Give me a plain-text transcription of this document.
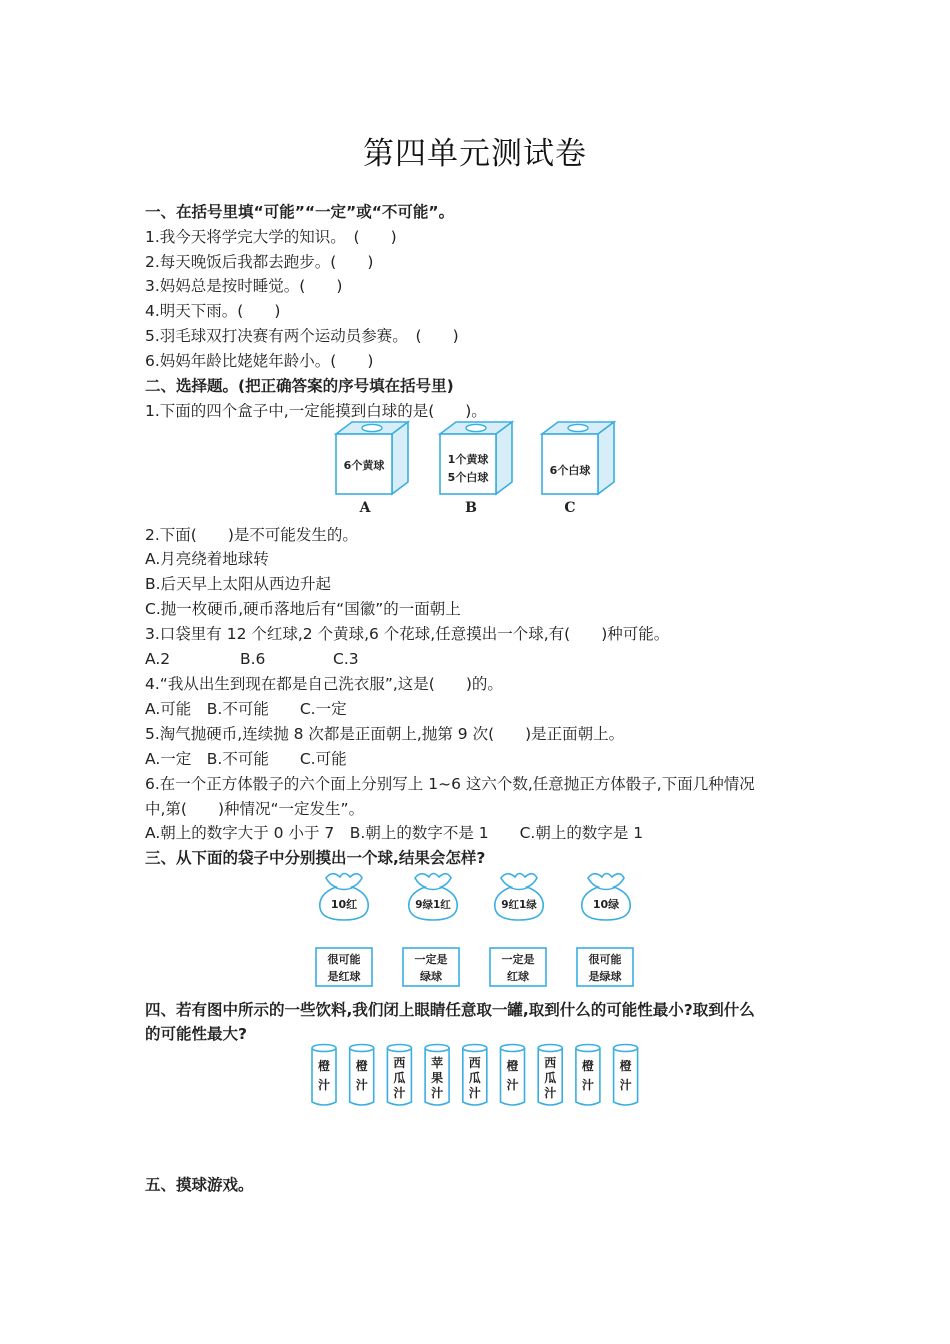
第四单元测试卷
一、在括号里填“可能”“一定”或“不可能”。
1.我今天将学完大学的知识。　(　　)
2.每天晚饭后我都去跑步。(　　)
3.妈妈总是按时睡觉。(　　)
4.明天下雨。(　　)
5.羽毛球双打决赛有两个运动员参赛。　(　　)
6.妈妈年龄比姥姥年龄小。(　　)
二、选择题。(把正确答案的序号填在括号里)
1.下面的四个盒子中,一定能摸到白球的是(　　)。
6个黄球	1个黄球
5个白球
6个白球
A	B	C
2.下面(　　)是不可能发生的。
A.月亮绕着地球转
B.后天早上太阳从西边升起
C.抛一枚硬币,硬币落地后有“国徽”的一面朝上
3.口袋里有 12 个红球,2 个黄球,6 个花球,任意摸出一个球,有(　　)种可能。
A.2	B.6	C.3
4.“我从出生到现在都是自己洗衣服”,这是(　　)的。
A.可能　B.不可能　　C.一定
5.淘气抛硬币,连续抛 8 次都是正面朝上,抛第 9 次(　　)是正面朝上。
A.一定　B.不可能　　C.可能
6.在一个正方体骰子的六个面上分别写上 1~6 这六个数,任意抛正方体骰子,下面几种情况
中,第(　　)种情况“一定发生”。
A.朝上的数字大于 0 小于 7　B.朝上的数字不是 1　　C.朝上的数字是 1
三、从下面的袋子中分别摸出一个球,结果会怎样?
10红	9绿1红	9红1绿	10绿
很可能
是红球
一定是
绿球
一定是
红球
很可能
是绿球
四、若有图中所示的一些饮料,我们闭上眼睛任意取一罐,取到什么的可能性最小?取到什么
的可能性最大?
橙
汁
橙
汁
西
瓜
汁
苹
果
汁
西
瓜
汁
橙
汁
西
瓜
汁
橙
汁
橙
汁
五、摸球游戏。
